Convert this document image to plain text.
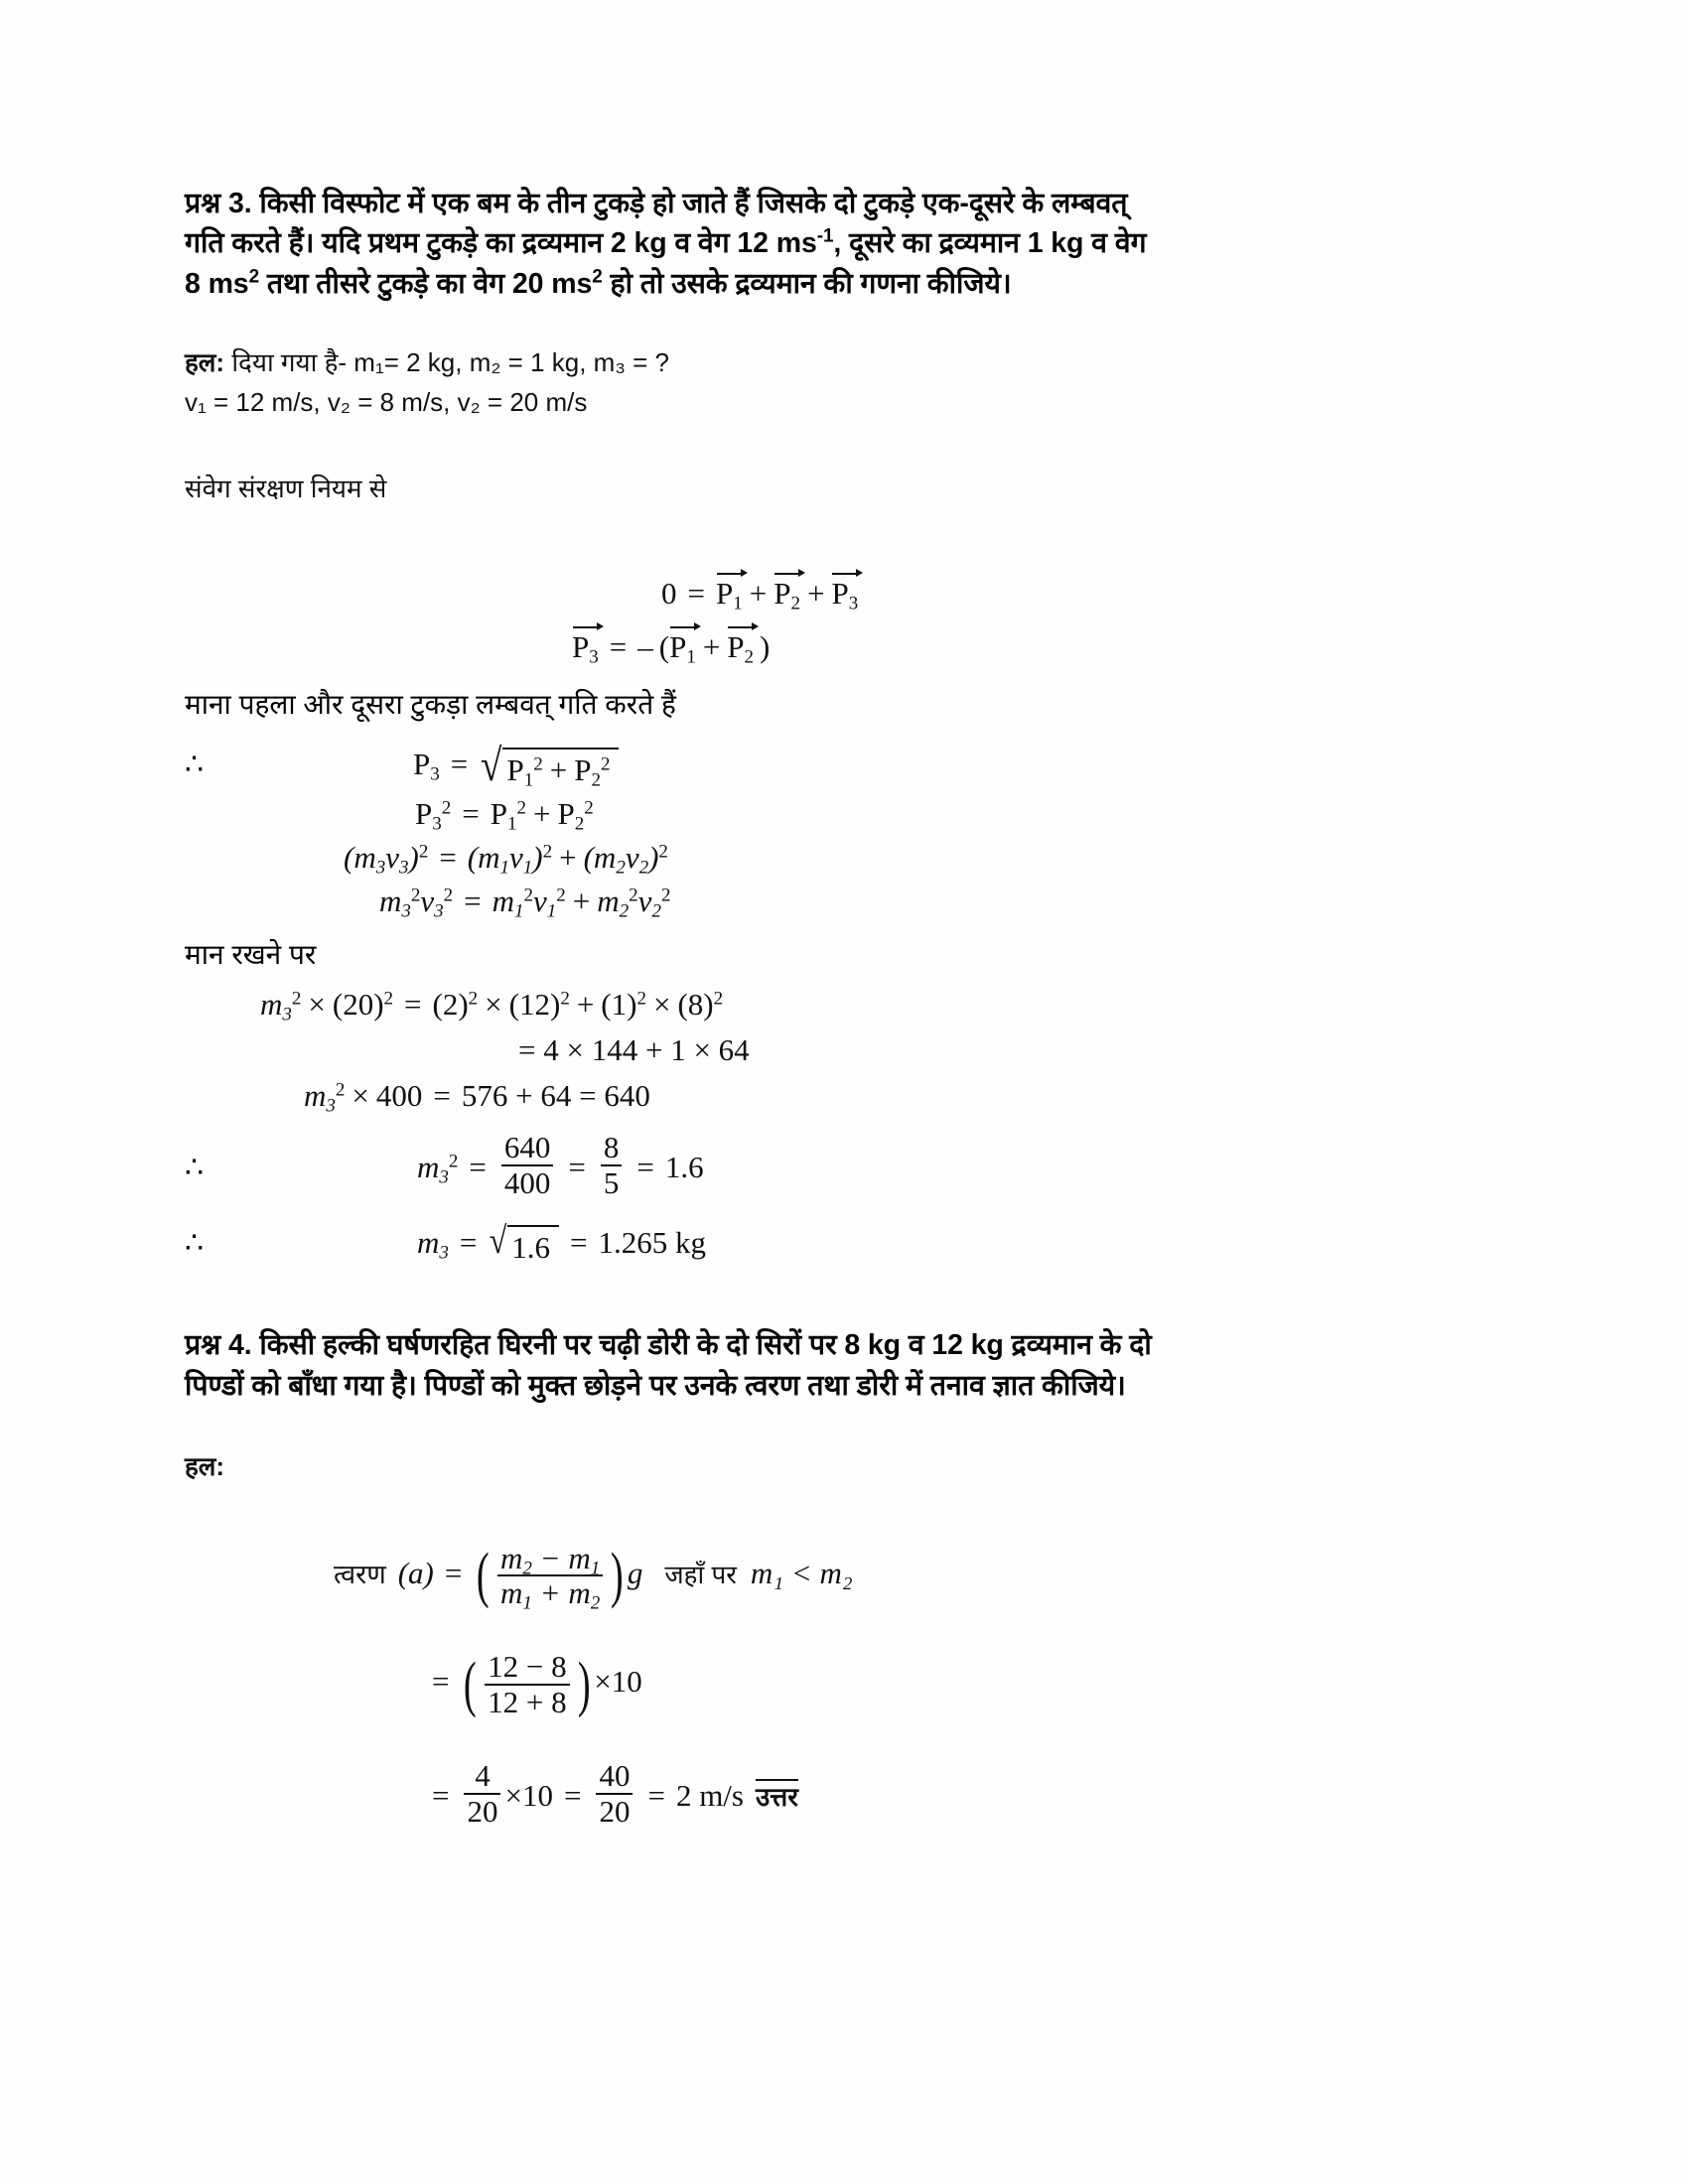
प्रश्न 3. किसी विस्फोट में एक बम के तीन टुकड़े हो जाते हैं जिसके दो टुकड़े एक-दूसरे के लम्बवत्
गति करते हैं। यदि प्रथम टुकड़े का द्रव्यमान 2 kg व वेग 12 $ms^{-1}$, दूसरे का द्रव्यमान 1 kg व वेग
8 $ms^2$ तथा तीसरे टुकड़े का वेग 20 $ms^2$ हो तो उसके द्रव्यमान की गणना कीजिये।
हल: दिया गया है- m₁= 2 kg, m₂ = 1 kg, m₃ = ?
v₁ = 12 m/s, v₂ = 8 m/s, v₂ = 20 m/s
संवेग संरक्षण नियम से
$0 = P_1 + P_2 + P_3$
$P_3$ = – (
$P_1 + P_2$ )
माना पहला और दूसरा टुकड़ा लम्बवत् गति करते हैं
∴	$P_3$ = √ $P_1^2 + P_2^2$
$P_3^2 = P_1^2 + P_2^2$
$(m_3v_3)^2 = (m_1v_1)^2 + (m_2v_2)^2$
$m_3^2v_3^2 = m_1^2v_1^2 + m_2^2v_2^2$
मान रखने पर
$m_3^2 \times (20)^2 = (2)^2 \times (12)^2 + (1)^2 \times (8)^2$
= 4 × 144 + 1 × 64
$m_3^2 \times 400 = 576 + 64 = 640$
∴	$m_3^2 = \frac{640}{400} = \frac{8}{5} = 1.6$
∴	$m_3$ = √ 1.6 = 1.265 kg
प्रश्न 4. किसी हल्की घर्षणरहित घिरनी पर चढ़ी डोरी के दो सिरों पर 8 kg व 12 kg द्रव्यमान के दो
पिण्डों को बाँधा गया है। पिण्डों को मुक्त छोड़ने पर उनके त्वरण तथा डोरी में तनाव ज्ञात कीजिये।
हल:
त्वरण (a) = ( $\frac{m_2 - m_1}{m_1 + m_2}$ ) g जहाँ पर m₁ < m₂
= ( $\frac{12 - 8}{12 + 8}$ ) ×10
= $\frac{4}{20} \times 10 = \frac{40}{20} = 2$ m/s उत्तर
